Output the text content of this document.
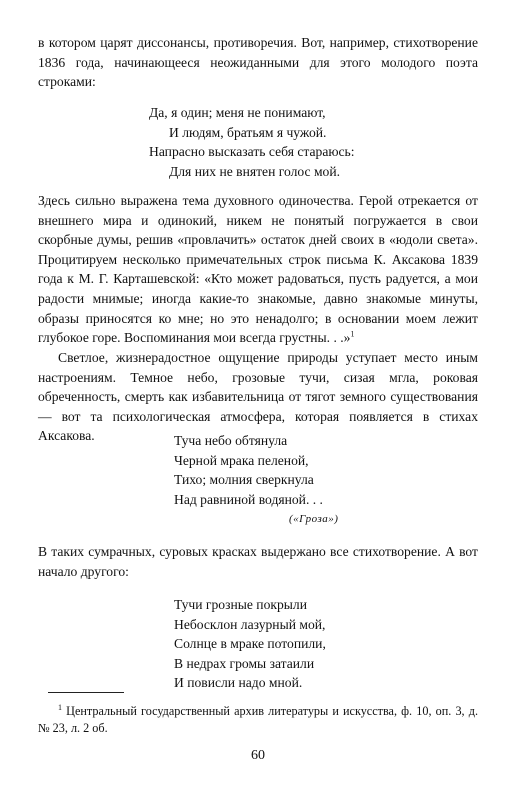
в котором царят диссонансы, противоречия. Вот, например, стихотворение 1836 года, начинающееся неожиданными для этого молодого поэта строками:

Да, я один; меня не понимают,
И людям, братьям я чужой.
Напрасно высказать себя стараюсь:
Для них не внятен голос мой.

Здесь сильно выражена тема духовного одиночества. Герой отрекается от внешнего мира и одинокий, никем не понятый погружается в свои скорбные думы, решив «провлачить» остаток дней своих в «юдоли света». Процитируем несколько примечательных строк письма К. Аксакова 1839 года к М. Г. Карташевской: «Кто может радоваться, пусть радуется, а мои радости мнимые; иногда какие-то знакомые, давно знакомые минуты, образы приносятся ко мне; но это ненадолго; в основании моем лежит глубокое горе. Воспоминания мои всегда грустны. . .»$^1$

Светлое, жизнерадостное ощущение природы уступает место иным настроениям. Темное небо, грозовые тучи, сизая мгла, роковая обреченность, смерть как избавительница от тягот земного существования — вот та психологическая атмосфера, которая появляется в стихах Аксакова.	Туча небо обтянула
Черной мрака пеленой,
Тихо; молния сверкнула
Над равниной водяной. . .
(«Гроза»)

В таких сумрачных, суровых красках выдержано все стихотворение. А вот начало другого:

Тучи грозные покрыли
Небосклон лазурный мой,
Солнце в мраке потопили,
В недрах громы затаили
И повисли надо мной.

$^1$ Центральный государственный архив литературы и искусства, ф. 10, оп. 3, д. № 23, л. 2 об.

60
